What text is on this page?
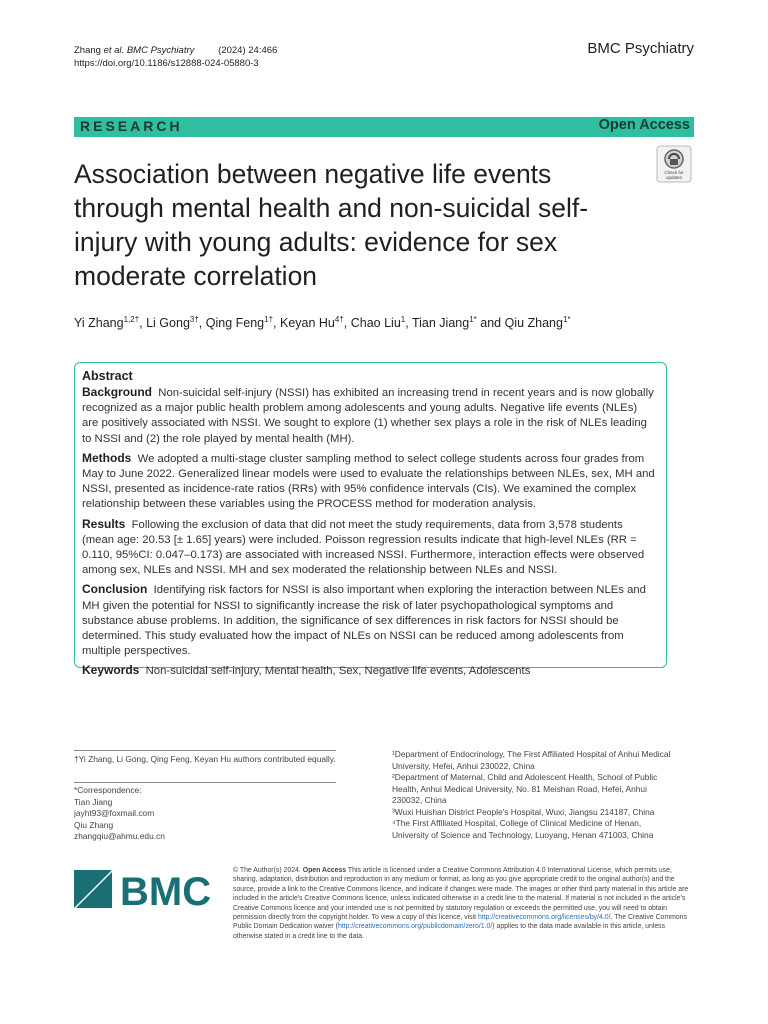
Zhang et al. BMC Psychiatry	(2024) 24:466
https://doi.org/10.1186/s12888-024-05880-3
BMC Psychiatry
RESEARCH	Open Access
Check for
updates
Association between negative life events through mental health and non-suicidal self-injury with young adults: evidence for sex moderate correlation
Yi Zhang$^{1,2\dagger}$, Li Gong$^{3\dagger}$, Qing Feng$^{1\dagger}$, Keyan $Hu^{4\dagger}$, Chao Liu$^1$, Tian Jiang$^{1*}$ and Qiu Zhang$^{1*}$
Abstract

Background Non-suicidal self-injury (NSSI) has exhibited an increasing trend in recent years and is now globally recognized as a major public health problem among adolescents and young adults. Negative life events (NLEs) are positively associated with NSSI. We sought to explore (1) whether sex plays a role in the risk of NLEs leading to NSSI and (2) the role played by mental health (MH).

Methods We adopted a multi-stage cluster sampling method to select college students across four grades from May to June 2022. Generalized linear models were used to evaluate the relationships between NLEs, sex, MH and NSSI, presented as incidence-rate ratios (RRs) with 95% confidence intervals (CIs). We examined the complex relationship between these variables using the PROCESS method for moderation analysis.

Results Following the exclusion of data that did not meet the study requirements, data from 3,578 students (mean age: 20.53 [± 1.65] years) were included. Poisson regression results indicate that high-level NLEs (RR = 0.110, 95%CI: 0.047–0.173) are associated with increased NSSI. Furthermore, interaction effects were observed among sex, NLEs and NSSI. MH and sex moderated the relationship between NLEs and NSSI.

Conclusion Identifying risk factors for NSSI is also important when exploring the interaction between NLEs and MH given the potential for NSSI to significantly increase the risk of later psychopathological symptoms and substance abuse problems. In addition, the significance of sex differences in risk factors for NSSI should be determined. This study evaluated how the impact of NLEs on NSSI can be reduced among adolescents from multiple perspectives.

Keywords Non-suicidal self-injury, Mental health, Sex, Negative life events, Adolescents

†Yi Zhang, Li Gong, Qing Feng, Keyan Hu authors contributed equally.
*Correspondence:
Tian Jiang
jayht93@foxmail.com
Qiu Zhang
zhangqiu@ahmu.edu.cn
¹Department of Endocrinology, The First Affiliated Hospital of Anhui Medical University, Hefei, Anhui 230022, China
²Department of Maternal, Child and Adolescent Health, School of Public Health, Anhui Medical University, No. 81 Meishan Road, Hefei, Anhui 230032, China
³Wuxi Huishan District People's Hospital, Wuxi, Jiangsu 214187, China
⁴The First Affiliated Hospital, College of Clinical Medicine of Henan, University of Science and Technology, Luoyang, Henan 471003, China
BMC	© The Author(s) 2024. Open Access This article is licensed under a Creative Commons Attribution 4.0 International License, which permits use, sharing, adaptation, distribution and reproduction in any medium or format, as long as you give appropriate credit to the original author(s) and the source, provide a link to the Creative Commons licence, and indicate if changes were made. The images or other third party material in this article are included in the article's Creative Commons licence, unless indicated otherwise in a credit line to the material. If material is not included in the article's Creative Commons licence and your intended use is not permitted by statutory regulation or exceeds the permitted use, you will need to obtain permission directly from the copyright holder. To view a copy of this licence, visit http://creativecommons.org/licenses/by/4.0/. The Creative Commons Public Domain Dedication waiver (http://creativecommons.org/publicdomain/zero/1.0/) applies to the data made available in this article, unless otherwise stated in a credit line to the data.
